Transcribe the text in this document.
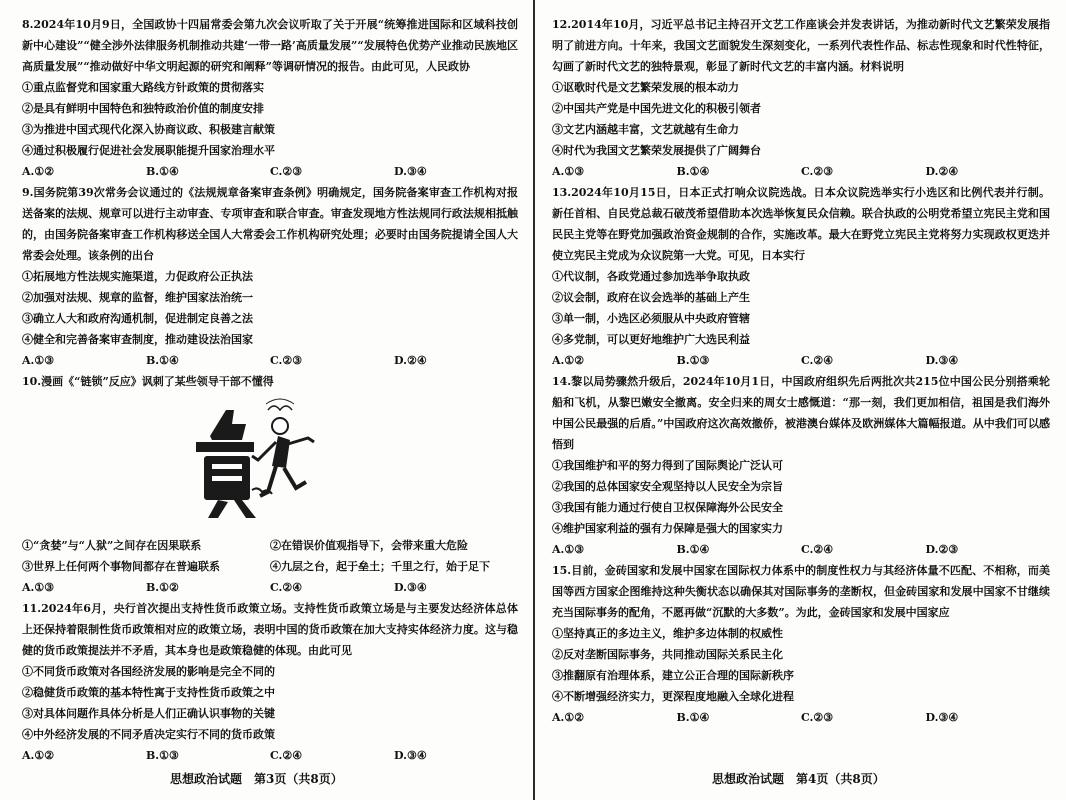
8.2024年10月9日，全国政协十四届常委会第九次会议听取了关于开展“统筹推进国际和区域科技创新中心建设”“健全涉外法律服务机制推动共建‘一带一路’高质量发展”“发展特色优势产业推动民族地区高质量发展”“推动做好中华文明起源的研究和阐释”等调研情况的报告。由此可见，人民政协

①重点监督党和国家重大路线方针政策的贯彻落实

②是具有鲜明中国特色和独特政治价值的制度安排

③为推进中国式现代化深入协商议政、积极建言献策

④通过积极履行促进社会发展职能提升国家治理水平

A.①②	B.①④	C.②③	D.③④

9.国务院第39次常务会议通过的《法规规章备案审查条例》明确规定，国务院备案审查工作机构对报送备案的法规、规章可以进行主动审查、专项审查和联合审查。审查发现地方性法规同行政法规相抵触的，由国务院备案审查工作机构移送全国人大常委会工作机构研究处理；必要时由国务院提请全国人大常委会处理。该条例的出台

①拓展地方性法规实施渠道，力促政府公正执法

②加强对法规、规章的监督，维护国家法治统一

③确立人大和政府沟通机制，促进制定良善之法

④健全和完善备案审查制度，推动建设法治国家

A.①③	B.①④	C.②③	D.②④

10.漫画《“链锁”反应》讽刺了某些领导干部不懂得

①“贪婪”与“人狱”之间存在因果联系	②在错误价值观指导下，会带来重大危险
③世界上任何两个事物间都存在普遍联系	④九层之台，起于垒土；千里之行，始于足下
A.①③	B.①②	C.②④	D.③④

11.2024年6月，央行首次提出支持性货币政策立场。支持性货币政策立场是与主要发达经济体总体上还保持着限制性货币政策相对应的政策立场，表明中国的货币政策在加大支持实体经济力度。这与稳健的货币政策提法并不矛盾，其本身也是政策稳健的体现。由此可见

①不同货币政策对各国经济发展的影响是完全不同的

②稳健货币政策的基本特性寓于支持性货币政策之中

③对具体问题作具体分析是人们正确认识事物的关键

④中外经济发展的不同矛盾决定实行不同的货币政策

A.①②	B.①③	C.②④	D.③④
思想政治试题　第3页（共8页）

12.2014年10月，习近平总书记主持召开文艺工作座谈会并发表讲话，为推动新时代文艺繁荣发展指明了前进方向。十年来，我国文艺面貌发生深刻变化，一系列代表性作品、标志性现象和时代性特征，勾画了新时代文艺的独特景观，彰显了新时代文艺的丰富内涵。材料说明

①讴歌时代是文艺繁荣发展的根本动力

②中国共产党是中国先进文化的积极引领者

③文艺内涵越丰富，文艺就越有生命力

④时代为我国文艺繁荣发展提供了广阔舞台

A.①③	B.①④	C.②③	D.②④

13.2024年10月15日，日本正式打响众议院选战。日本众议院选举实行小选区和比例代表并行制。新任首相、自民党总裁石破茂希望借助本次选举恢复民众信赖。联合执政的公明党希望立宪民主党和国民民主党等在野党加强政治资金规制的合作，实施改革。最大在野党立宪民主党将努力实现政权更迭并使立宪民主党成为众议院第一大党。可见，日本实行

①代议制，各政党通过参加选举争取执政

②议会制，政府在议会选举的基础上产生

③单一制，小选区必须服从中央政府管辖

④多党制，可以更好地维护广大选民利益

A.①②	B.①③	C.②④	D.③④

14.黎以局势骤然升级后，2024年10月1日，中国政府组织先后两批次共215位中国公民分别搭乘轮船和飞机，从黎巴嫩安全撤离。安全归来的周女士感慨道：“那一刻，我们更加相信，祖国是我们海外中国公民最强的后盾。”中国政府这次高效撤侨，被港澳台媒体及欧洲媒体大篇幅报道。从中我们可以感悟到

①我国维护和平的努力得到了国际舆论广泛认可

②我国的总体国家安全观坚持以人民安全为宗旨

③我国有能力通过行使自卫权保障海外公民安全

④维护国家利益的强有力保障是强大的国家实力

A.①③	B.①④	C.②④	D.②③

15.目前，金砖国家和发展中国家在国际权力体系中的制度性权力与其经济体量不匹配、不相称，而美国等西方国家企图维持这种失衡状态以确保其对国际事务的垄断权，但金砖国家和发展中国家不甘继续充当国际事务的配角，不愿再做“沉默的大多数”。为此，金砖国家和发展中国家应

①坚持真正的多边主义，维护多边体制的权威性

②反对垄断国际事务，共同推动国际关系民主化

③推翻原有治理体系，建立公正合理的国际新秩序

④不断增强经济实力，更深程度地融入全球化进程

A.①②	B.①④	C.②③	D.③④
思想政治试题　第4页（共8页）
